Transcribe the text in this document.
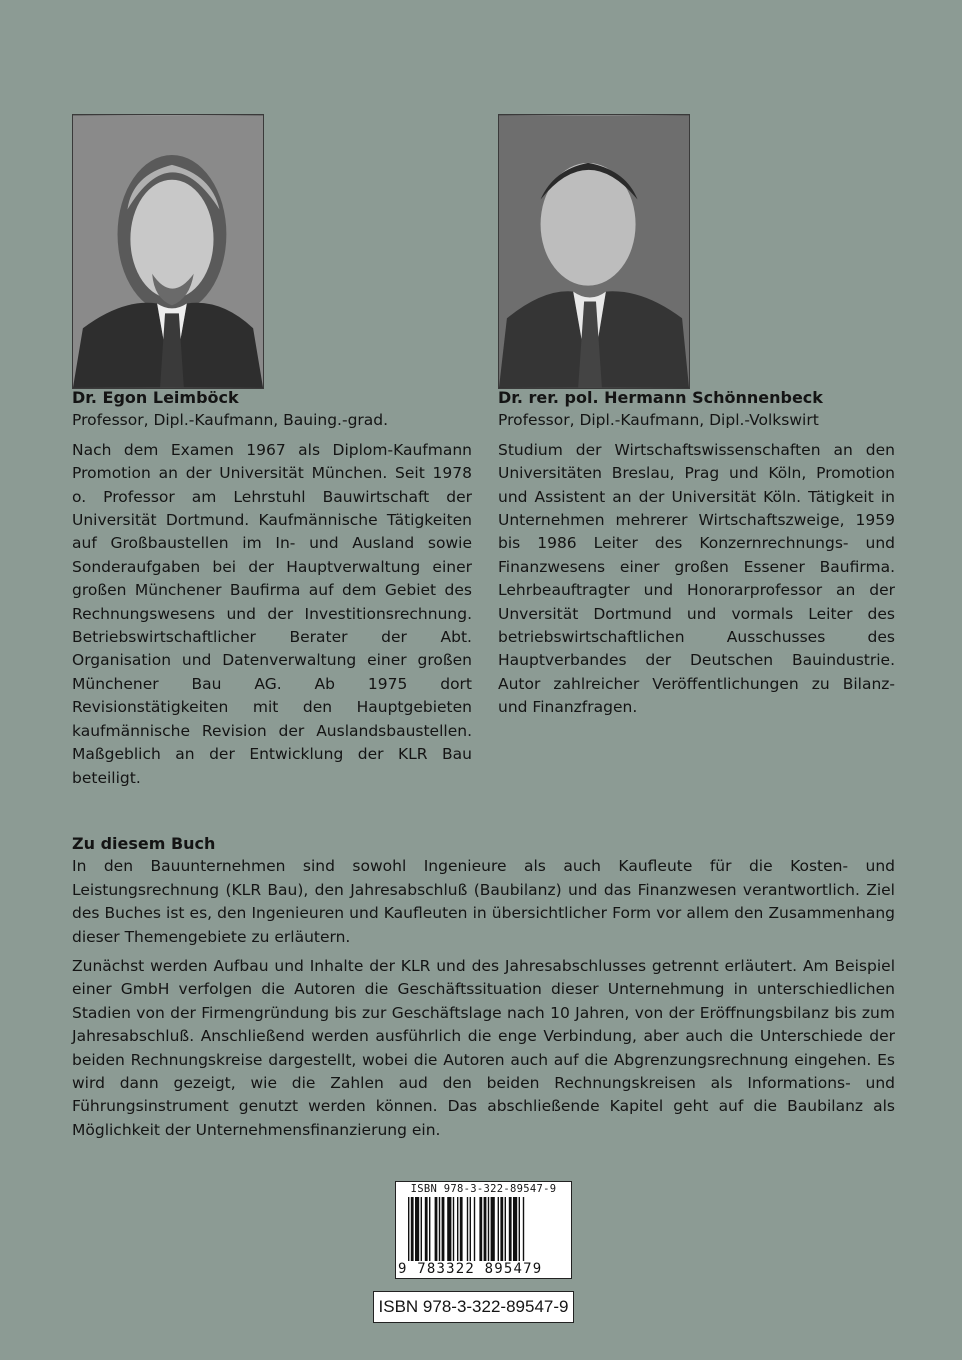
Dr. Egon Leimböck

Professor, Dipl.-Kaufmann, Bauing.-grad.

Nach dem Examen 1967 als Diplom-Kaufmann Promotion an der Universität München. Seit 1978 o. Professor am Lehrstuhl Bauwirtschaft der Universität Dortmund. Kaufmännische Tätigkeiten auf Großbaustellen im In- und Ausland sowie Sonderaufgaben bei der Hauptverwaltung einer großen Münchener Baufirma auf dem Gebiet des Rechnungswesens und der Investitionsrechnung. Betriebswirtschaftlicher Berater der Abt. Organisation und Datenverwaltung einer großen Münchener Bau AG. Ab 1975 dort Revisionstätigkeiten mit den Hauptgebieten kaufmännische Revision der Auslandsbaustellen. Maßgeblich an der Entwicklung der KLR Bau beteiligt.

Dr. rer. pol. Hermann Schönnenbeck

Professor, Dipl.-Kaufmann, Dipl.-Volkswirt

Studium der Wirtschaftswissenschaften an den Universitäten Breslau, Prag und Köln, Promotion und Assistent an der Universität Köln. Tätigkeit in Unternehmen mehrerer Wirtschaftszweige, 1959 bis 1986 Leiter des Konzernrechnungs- und Finanzwesens einer großen Essener Baufirma. Lehrbeauftragter und Honorarprofessor an der Unversität Dortmund und vormals Leiter des betriebswirtschaftlichen Ausschusses des Hauptverbandes der Deutschen Bauindustrie. Autor zahlreicher Veröffentlichungen zu Bilanz- und Finanzfragen.

Zu diesem Buch

In den Bauunternehmen sind sowohl Ingenieure als auch Kaufleute für die Kosten- und Leistungsrechnung (KLR Bau), den Jahresabschluß (Baubilanz) und das Finanzwesen verantwortlich. Ziel des Buches ist es, den Ingenieuren und Kaufleuten in übersichtlicher Form vor allem den Zusammenhang dieser Themengebiete zu erläutern.

Zunächst werden Aufbau und Inhalte der KLR und des Jahresabschlusses getrennt erläutert. Am Beispiel einer GmbH verfolgen die Autoren die Geschäftssituation dieser Unternehmung in unterschiedlichen Stadien von der Firmengründung bis zur Geschäftslage nach 10 Jahren, von der Eröffnungsbilanz bis zum Jahresabschluß. Anschließend werden ausführlich die enge Verbindung, aber auch die Unterschiede der beiden Rechnungskreise dargestellt, wobei die Autoren auch auf die Abgrenzungsrechnung eingehen. Es wird dann gezeigt, wie die Zahlen aud den beiden Rechnungskreisen als Informations- und Führungsinstrument genutzt werden können. Das abschließende Kapitel geht auf die Baubilanz als Möglichkeit der Unternehmensfinanzierung ein.

ISBN 978-3-322-89547-9
9 783322 895479
ISBN 978-3-322-89547-9
